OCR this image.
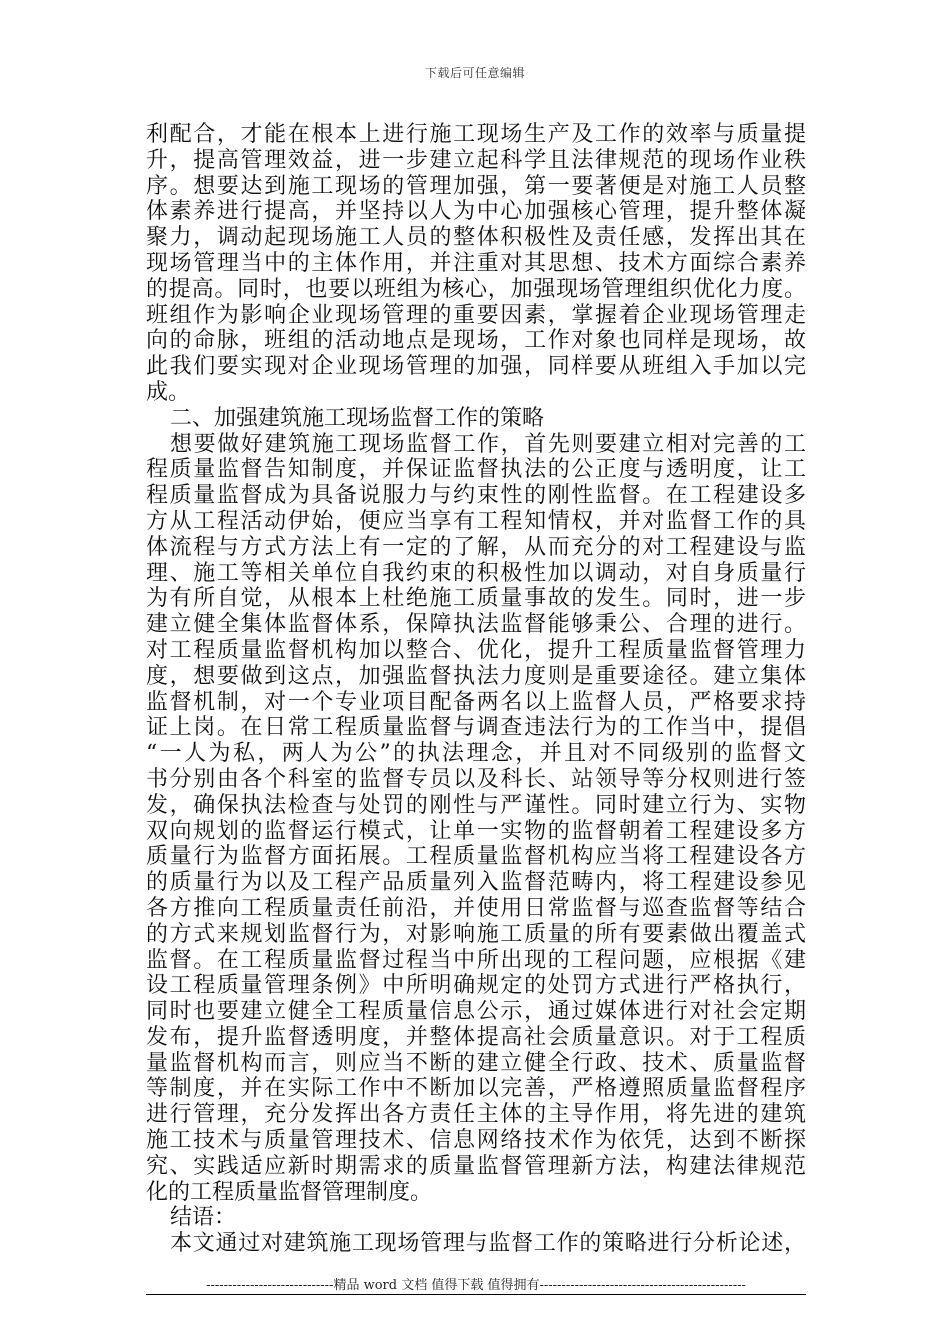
下载后可任意编辑
利配合，才能在根本上进行施工现场生产及工作的效率与质量提
升，提高管理效益，进一步建立起科学且法律规范的现场作业秩
序。想要达到施工现场的管理加强，第一要著便是对施工人员整
体素养进行提高，并坚持以人为中心加强核心管理，提升整体凝
聚力，调动起现场施工人员的整体积极性及责任感，发挥出其在
现场管理当中的主体作用，并注重对其思想、技术方面综合素养
的提高。同时，也要以班组为核心，加强现场管理组织优化力度。
班组作为影响企业现场管理的重要因素，掌握着企业现场管理走
向的命脉，班组的活动地点是现场，工作对象也同样是现场，故
此我们要实现对企业现场管理的加强，同样要从班组入手加以完
成。
二、加强建筑施工现场监督工作的策略
想要做好建筑施工现场监督工作，首先则要建立相对完善的工
程质量监督告知制度，并保证监督执法的公正度与透明度，让工
程质量监督成为具备说服力与约束性的刚性监督。在工程建设多
方从工程活动伊始，便应当享有工程知情权，并对监督工作的具
体流程与方式方法上有一定的了解，从而充分的对工程建设与监
理、施工等相关单位自我约束的积极性加以调动，对自身质量行
为有所自觉，从根本上杜绝施工质量事故的发生。同时，进一步
建立健全集体监督体系，保障执法监督能够秉公、合理的进行。
对工程质量监督机构加以整合、优化，提升工程质量监督管理力
度，想要做到这点，加强监督执法力度则是重要途径。建立集体
监督机制，对一个专业项目配备两名以上监督人员，严格要求持
证上岗。在日常工程质量监督与调查违法行为的工作当中，提倡
“一人为私，两人为公”的执法理念，并且对不同级别的监督文
书分别由各个科室的监督专员以及科长、站领导等分权则进行签
发，确保执法检查与处罚的刚性与严谨性。同时建立行为、实物
双向规划的监督运行模式，让单一实物的监督朝着工程建设多方
质量行为监督方面拓展。工程质量监督机构应当将工程建设各方
的质量行为以及工程产品质量列入监督范畴内，将工程建设参见
各方推向工程质量责任前沿，并使用日常监督与巡查监督等结合
的方式来规划监督行为，对影响施工质量的所有要素做出覆盖式
监督。在工程质量监督过程当中所出现的工程问题，应根据《建
设工程质量管理条例》中所明确规定的处罚方式进行严格执行，
同时也要建立健全工程质量信息公示，通过媒体进行对社会定期
发布，提升监督透明度，并整体提高社会质量意识。对于工程质
量监督机构而言，则应当不断的建立健全行政、技术、质量监督
等制度，并在实际工作中不断加以完善，严格遵照质量监督程序
进行管理，充分发挥出各方责任主体的主导作用，将先进的建筑
施工技术与质量管理技术、信息网络技术作为依凭，达到不断探
究、实践适应新时期需求的质量监督管理新方法，构建法律规范
化的工程质量监督管理制度。
结语：
本文通过对建筑施工现场管理与监督工作的策略进行分析论述，
-----------------------------精品 word 文档 值得下载 值得拥有-----------------------------------------------
